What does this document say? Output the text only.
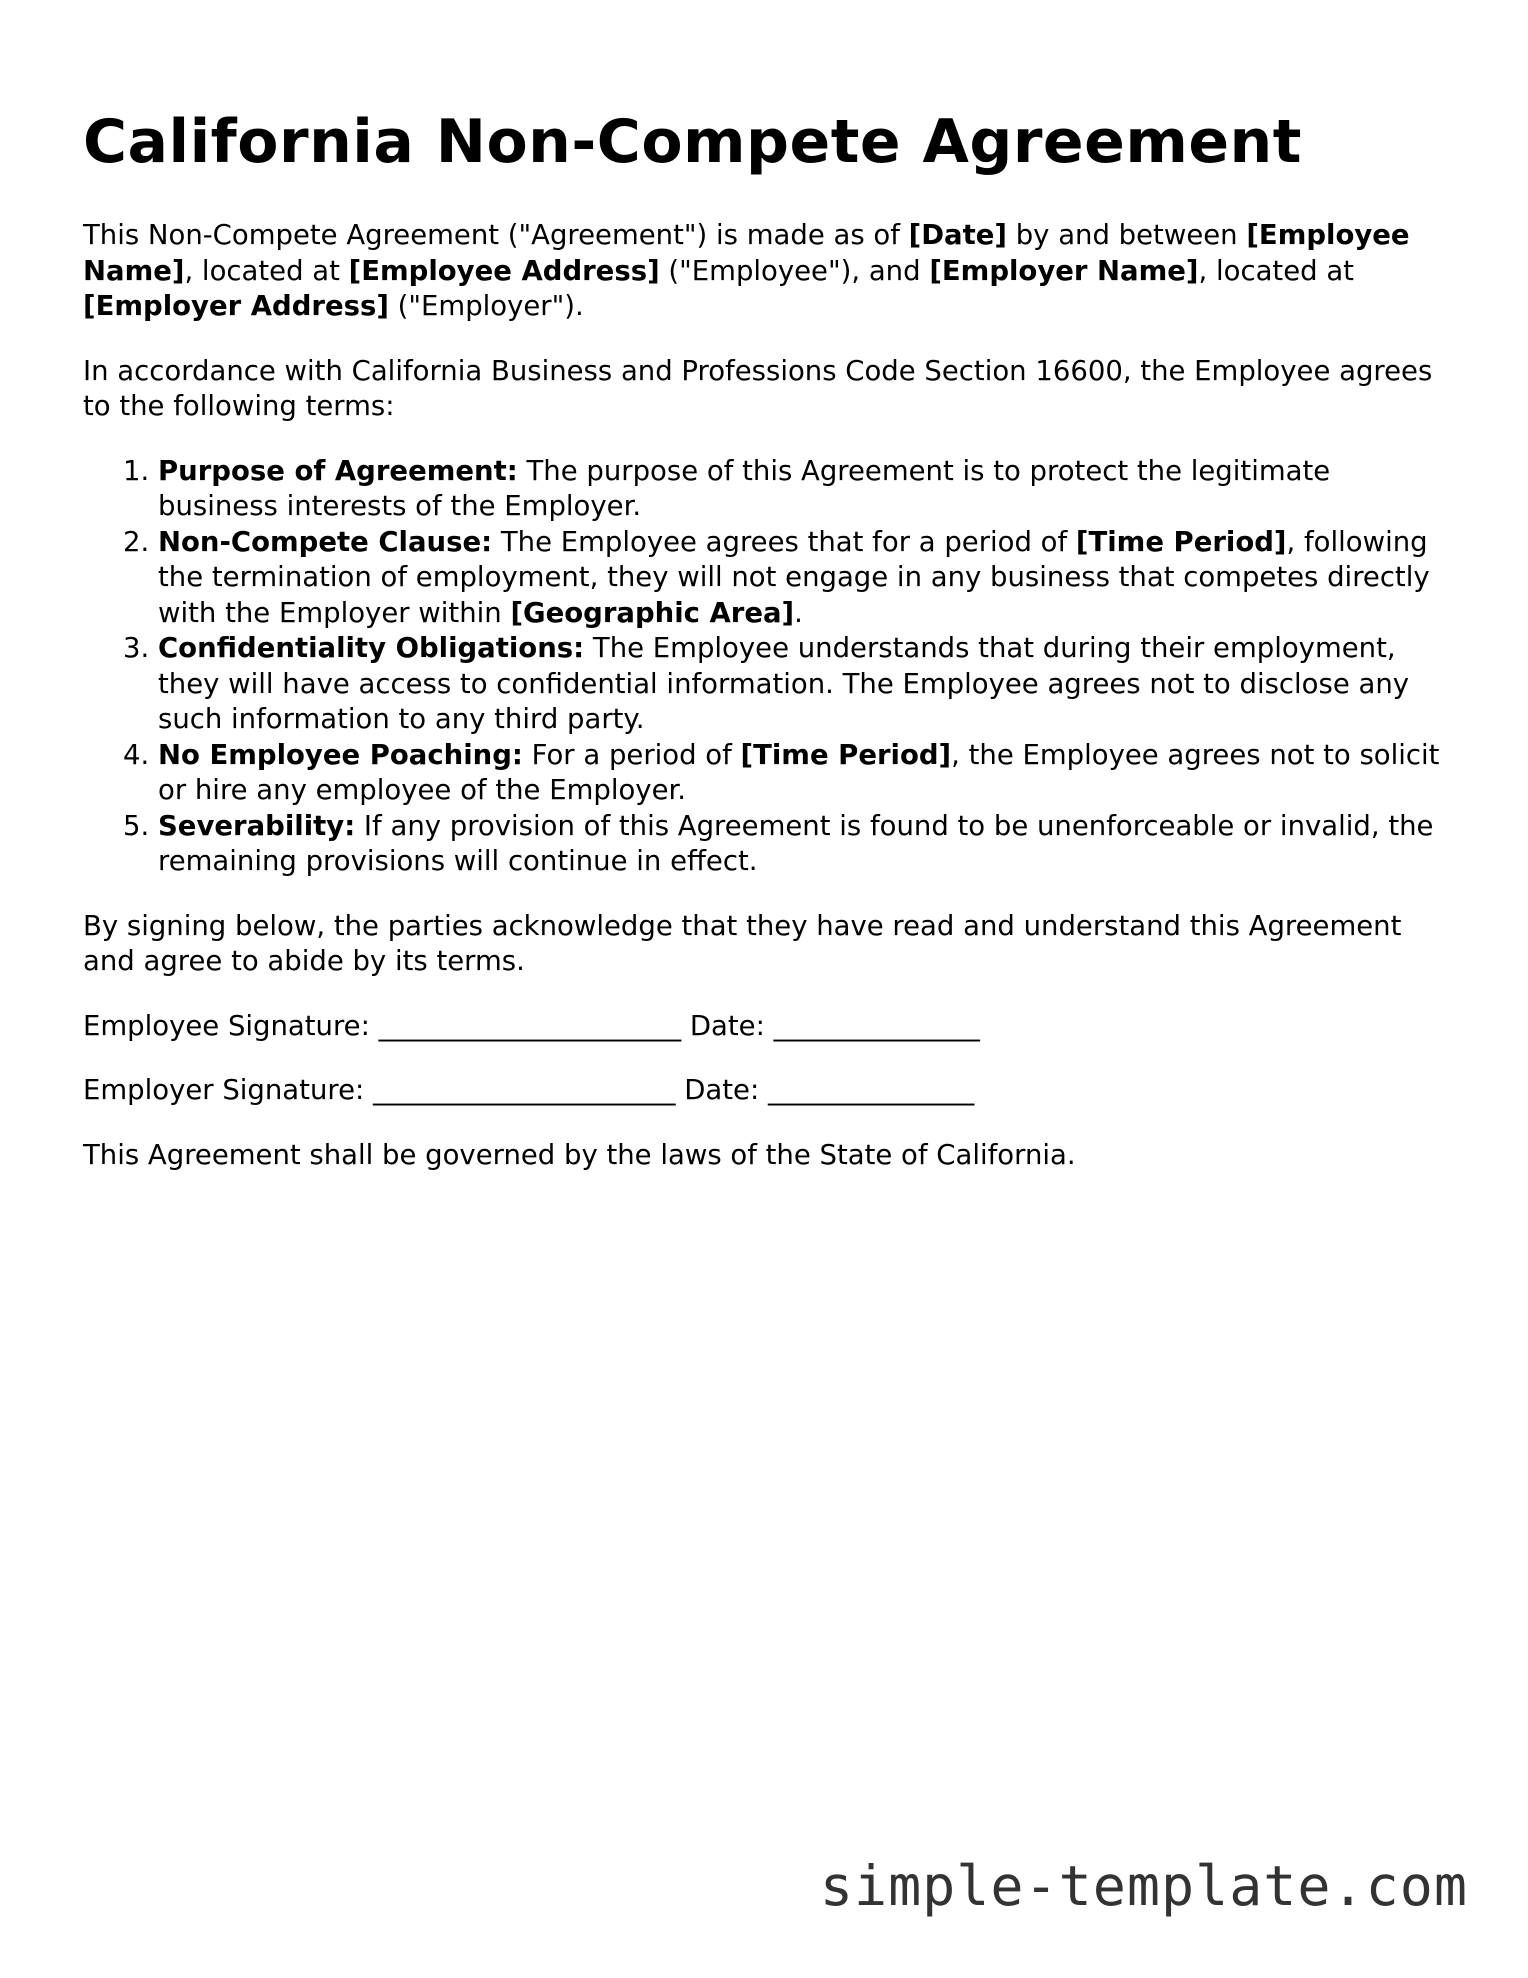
California Non-Compete Agreement

This Non-Compete Agreement ("Agreement") is made as of [Date] by and between [Employee Name], located at [Employee Address] ("Employee"), and [Employer Name], located at [Employer Address] ("Employer").

In accordance with California Business and Professions Code Section 16600, the Employee agrees to the following terms:

1. Purpose of Agreement: The purpose of this Agreement is to protect the legitimate business interests of the Employer.
2. Non-Compete Clause: The Employee agrees that for a period of [Time Period], following the termination of employment, they will not engage in any business that competes directly with the Employer within [Geographic Area].
3. Confidentiality Obligations: The Employee understands that during their employment, they will have access to confidential information. The Employee agrees not to disclose any such information to any third party.
4. No Employee Poaching: For a period of [Time Period], the Employee agrees not to solicit or hire any employee of the Employer.
5. Severability: If any provision of this Agreement is found to be unenforceable or invalid, the remaining provisions will continue in effect.

By signing below, the parties acknowledge that they have read and understand this Agreement and agree to abide by its terms.

Employee Signature: ______________________ Date: _______________

Employer Signature: ______________________ Date: _______________

This Agreement shall be governed by the laws of the State of California.

simple-template.com
